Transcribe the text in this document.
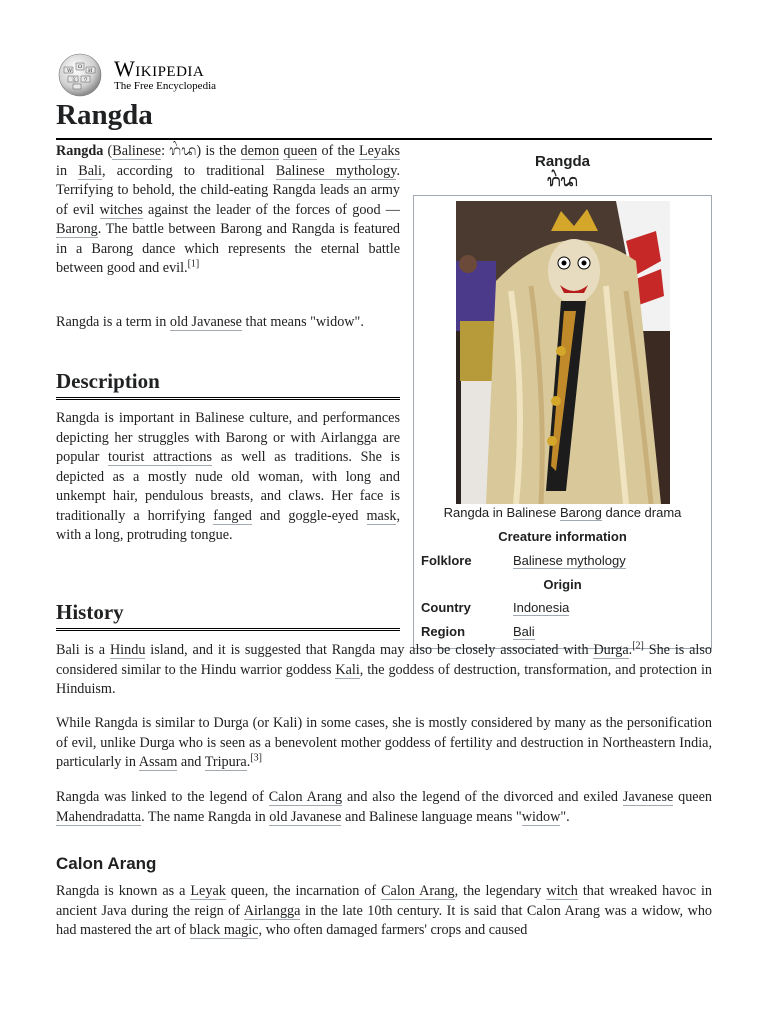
W
Ω
И
文 ウ Wikipedia
The Free Encyclopedia
Rangda

Rangda (Balinese: ᬭᬂᬤ) is the demon queen of the Leyaks in Bali, according to traditional Balinese mythology. Terrifying to behold, the child-eating Rangda leads an army of evil witches against the leader of the forces of good — Barong. The battle between Barong and Rangda is featured in a Barong dance which represents the eternal battle between good and evil.[1]

Rangda is a term in old Javanese that means "widow".

Rangda
ᬭᬂᬤ
Rangda in Balinese Barong dance drama
Creature information
Folklore	Balinese mythology
Origin
Country	Indonesia
Region	Bali
Description

Rangda is important in Balinese culture, and performances depicting her struggles with Barong or with Airlangga are popular tourist attractions as well as traditions. She is depicted as a mostly nude old woman, with long and unkempt hair, pendulous breasts, and claws. Her face is traditionally a horrifying fanged and goggle-eyed mask, with a long, protruding tongue.

History

Bali is a Hindu island, and it is suggested that Rangda may also be closely associated with Durga.[2] She is also considered similar to the Hindu warrior goddess Kali, the goddess of destruction, transformation, and protection in Hinduism.

While Rangda is similar to Durga (or Kali) in some cases, she is mostly considered by many as the personification of evil, unlike Durga who is seen as a benevolent mother goddess of fertility and destruction in Northeastern India, particularly in Assam and Tripura.[3]

Rangda was linked to the legend of Calon Arang and also the legend of the divorced and exiled Javanese queen Mahendradatta. The name Rangda in old Javanese and Balinese language means "widow".

Calon Arang

Rangda is known as a Leyak queen, the incarnation of Calon Arang, the legendary witch that wreaked havoc in ancient Java during the reign of Airlangga in the late 10th century. It is said that Calon Arang was a widow, who had mastered the art of black magic, who often damaged farmers' crops and caused
